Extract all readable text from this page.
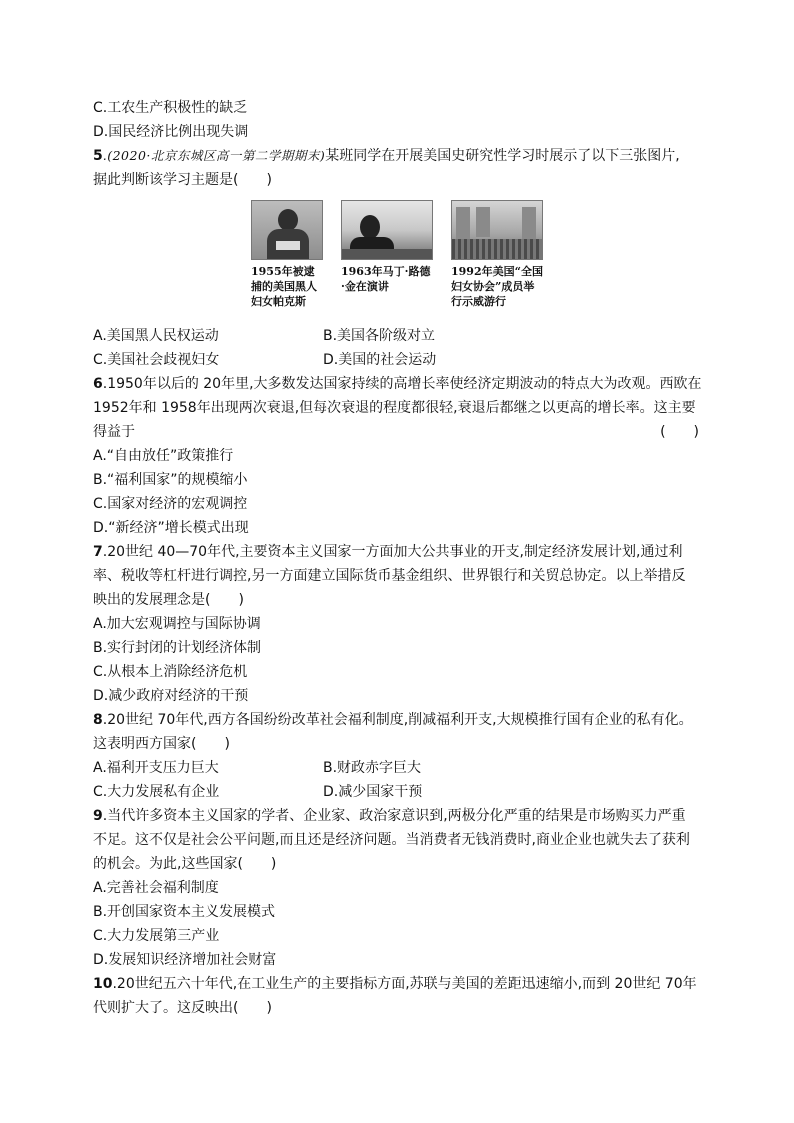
C.工农生产积极性的缺乏
D.国民经济比例出现失调
5.(2020·北京东城区高一第二学期期末)某班同学在开展美国史研究性学习时展示了以下三张图片,
据此判断该学习主题是(　　)
1955年被逮捕的美国黑人妇女帕克斯
1963年马丁·路德·金在演讲
1992年美国“全国妇女协会”成员举行示威游行
A.美国黑人民权运动	B.美国各阶级对立
C.美国社会歧视妇女	D.美国的社会运动
6.1950年以后的 20年里,大多数发达国家持续的高增长率使经济定期波动的特点大为改观。西欧在
1952年和 1958年出现两次衰退,但每次衰退的程度都很轻,衰退后都继之以更高的增长率。这主要
得益于	(　　)
A.“自由放任”政策推行
B.“福利国家”的规模缩小
C.国家对经济的宏观调控
D.“新经济”增长模式出现
7.20世纪 40—70年代,主要资本主义国家一方面加大公共事业的开支,制定经济发展计划,通过利
率、税收等杠杆进行调控,另一方面建立国际货币基金组织、世界银行和关贸总协定。以上举措反
映出的发展理念是(　　)
A.加大宏观调控与国际协调
B.实行封闭的计划经济体制
C.从根本上消除经济危机
D.减少政府对经济的干预
8.20世纪 70年代,西方各国纷纷改革社会福利制度,削减福利开支,大规模推行国有企业的私有化。
这表明西方国家(　　)
A.福利开支压力巨大	B.财政赤字巨大
C.大力发展私有企业	D.减少国家干预
9.当代许多资本主义国家的学者、企业家、政治家意识到,两极分化严重的结果是市场购买力严重
不足。这不仅是社会公平问题,而且还是经济问题。当消费者无钱消费时,商业企业也就失去了获利
的机会。为此,这些国家(　　)
A.完善社会福利制度
B.开创国家资本主义发展模式
C.大力发展第三产业
D.发展知识经济增加社会财富
10.20世纪五六十年代,在工业生产的主要指标方面,苏联与美国的差距迅速缩小,而到 20世纪 70年
代则扩大了。这反映出(　　)
